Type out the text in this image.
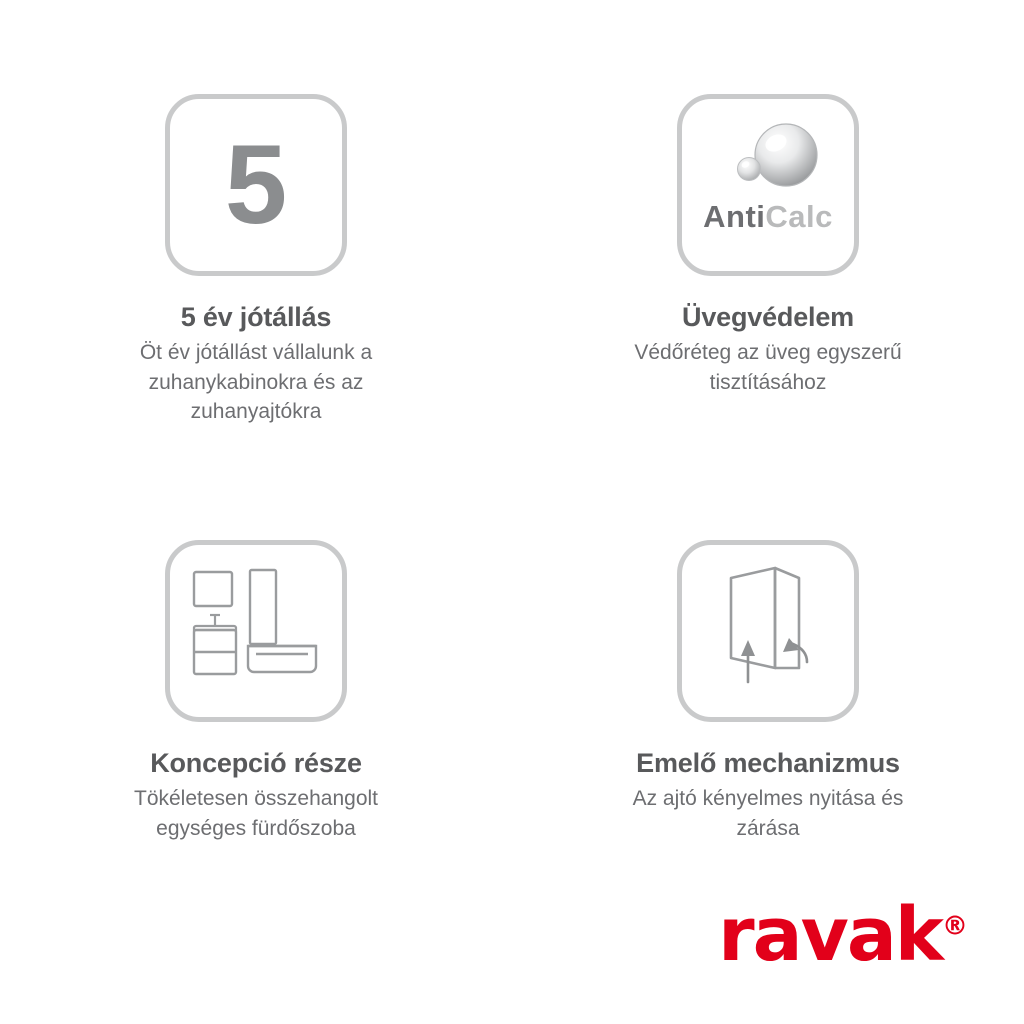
5
5 év jótállás
Öt év jótállást vállalunk a zuhanykabinokra és az zuhanyajtókra
AntiCalc
Üvegvédelem
Védőréteg az üveg egyszerű tisztításához
Koncepció része
Tökéletesen összehangolt egységes fürdőszoba
Emelő mechanizmus
Az ajtó kényelmes nyitása és zárása
ravak®
